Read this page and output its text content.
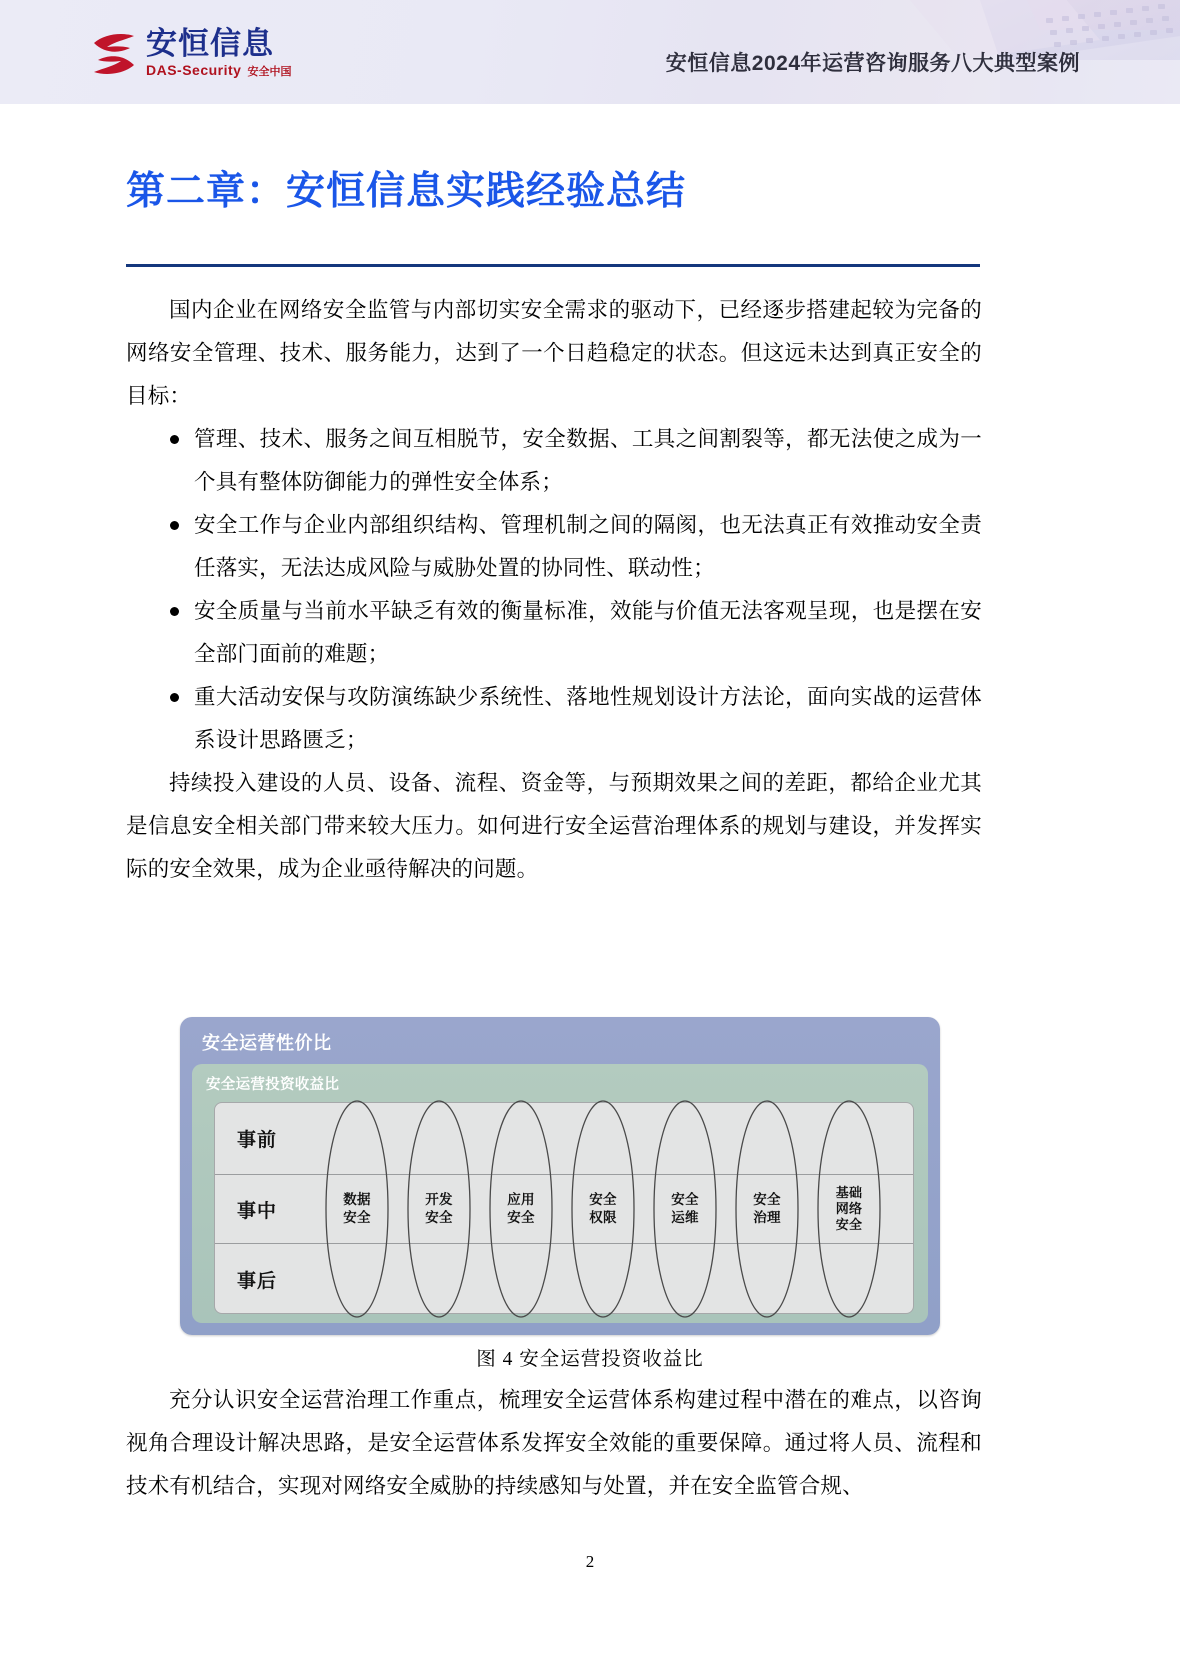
安恒信息
DAS-Security 安全中国	安恒信息2024年运营咨询服务八大典型案例
第二章：安恒信息实践经验总结

国内企业在网络安全监管与内部切实安全需求的驱动下，已经逐步搭建起较为完备的网络安全管理、技术、服务能力，达到了一个日趋稳定的状态。但这远未达到真正安全的目标：

管理、技术、服务之间互相脱节，安全数据、工具之间割裂等，都无法使之成为一个具有整体防御能力的弹性安全体系；
安全工作与企业内部组织结构、管理机制之间的隔阂，也无法真正有效推动安全责任落实，无法达成风险与威胁处置的协同性、联动性；
安全质量与当前水平缺乏有效的衡量标准，效能与价值无法客观呈现，也是摆在安全部门面前的难题；
重大活动安保与攻防演练缺少系统性、落地性规划设计方法论，面向实战的运营体系设计思路匮乏；

持续投入建设的人员、设备、流程、资金等，与预期效果之间的差距，都给企业尤其是信息安全相关部门带来较大压力。如何进行安全运营治理体系的规划与建设，并发挥实际的安全效果，成为企业亟待解决的问题。

安全运营性价比
安全运营投资收益比
事前
事中
事后
数据
安全
开发
安全
应用
安全
安全
权限
安全
运维
安全
治理
基础
网络
安全
图 4 安全运营投资收益比

充分认识安全运营治理工作重点，梳理安全运营体系构建过程中潜在的难点，以咨询视角合理设计解决思路，是安全运营体系发挥安全效能的重要保障。通过将人员、流程和技术有机结合，实现对网络安全威胁的持续感知与处置，并在安全监管合规、

2
